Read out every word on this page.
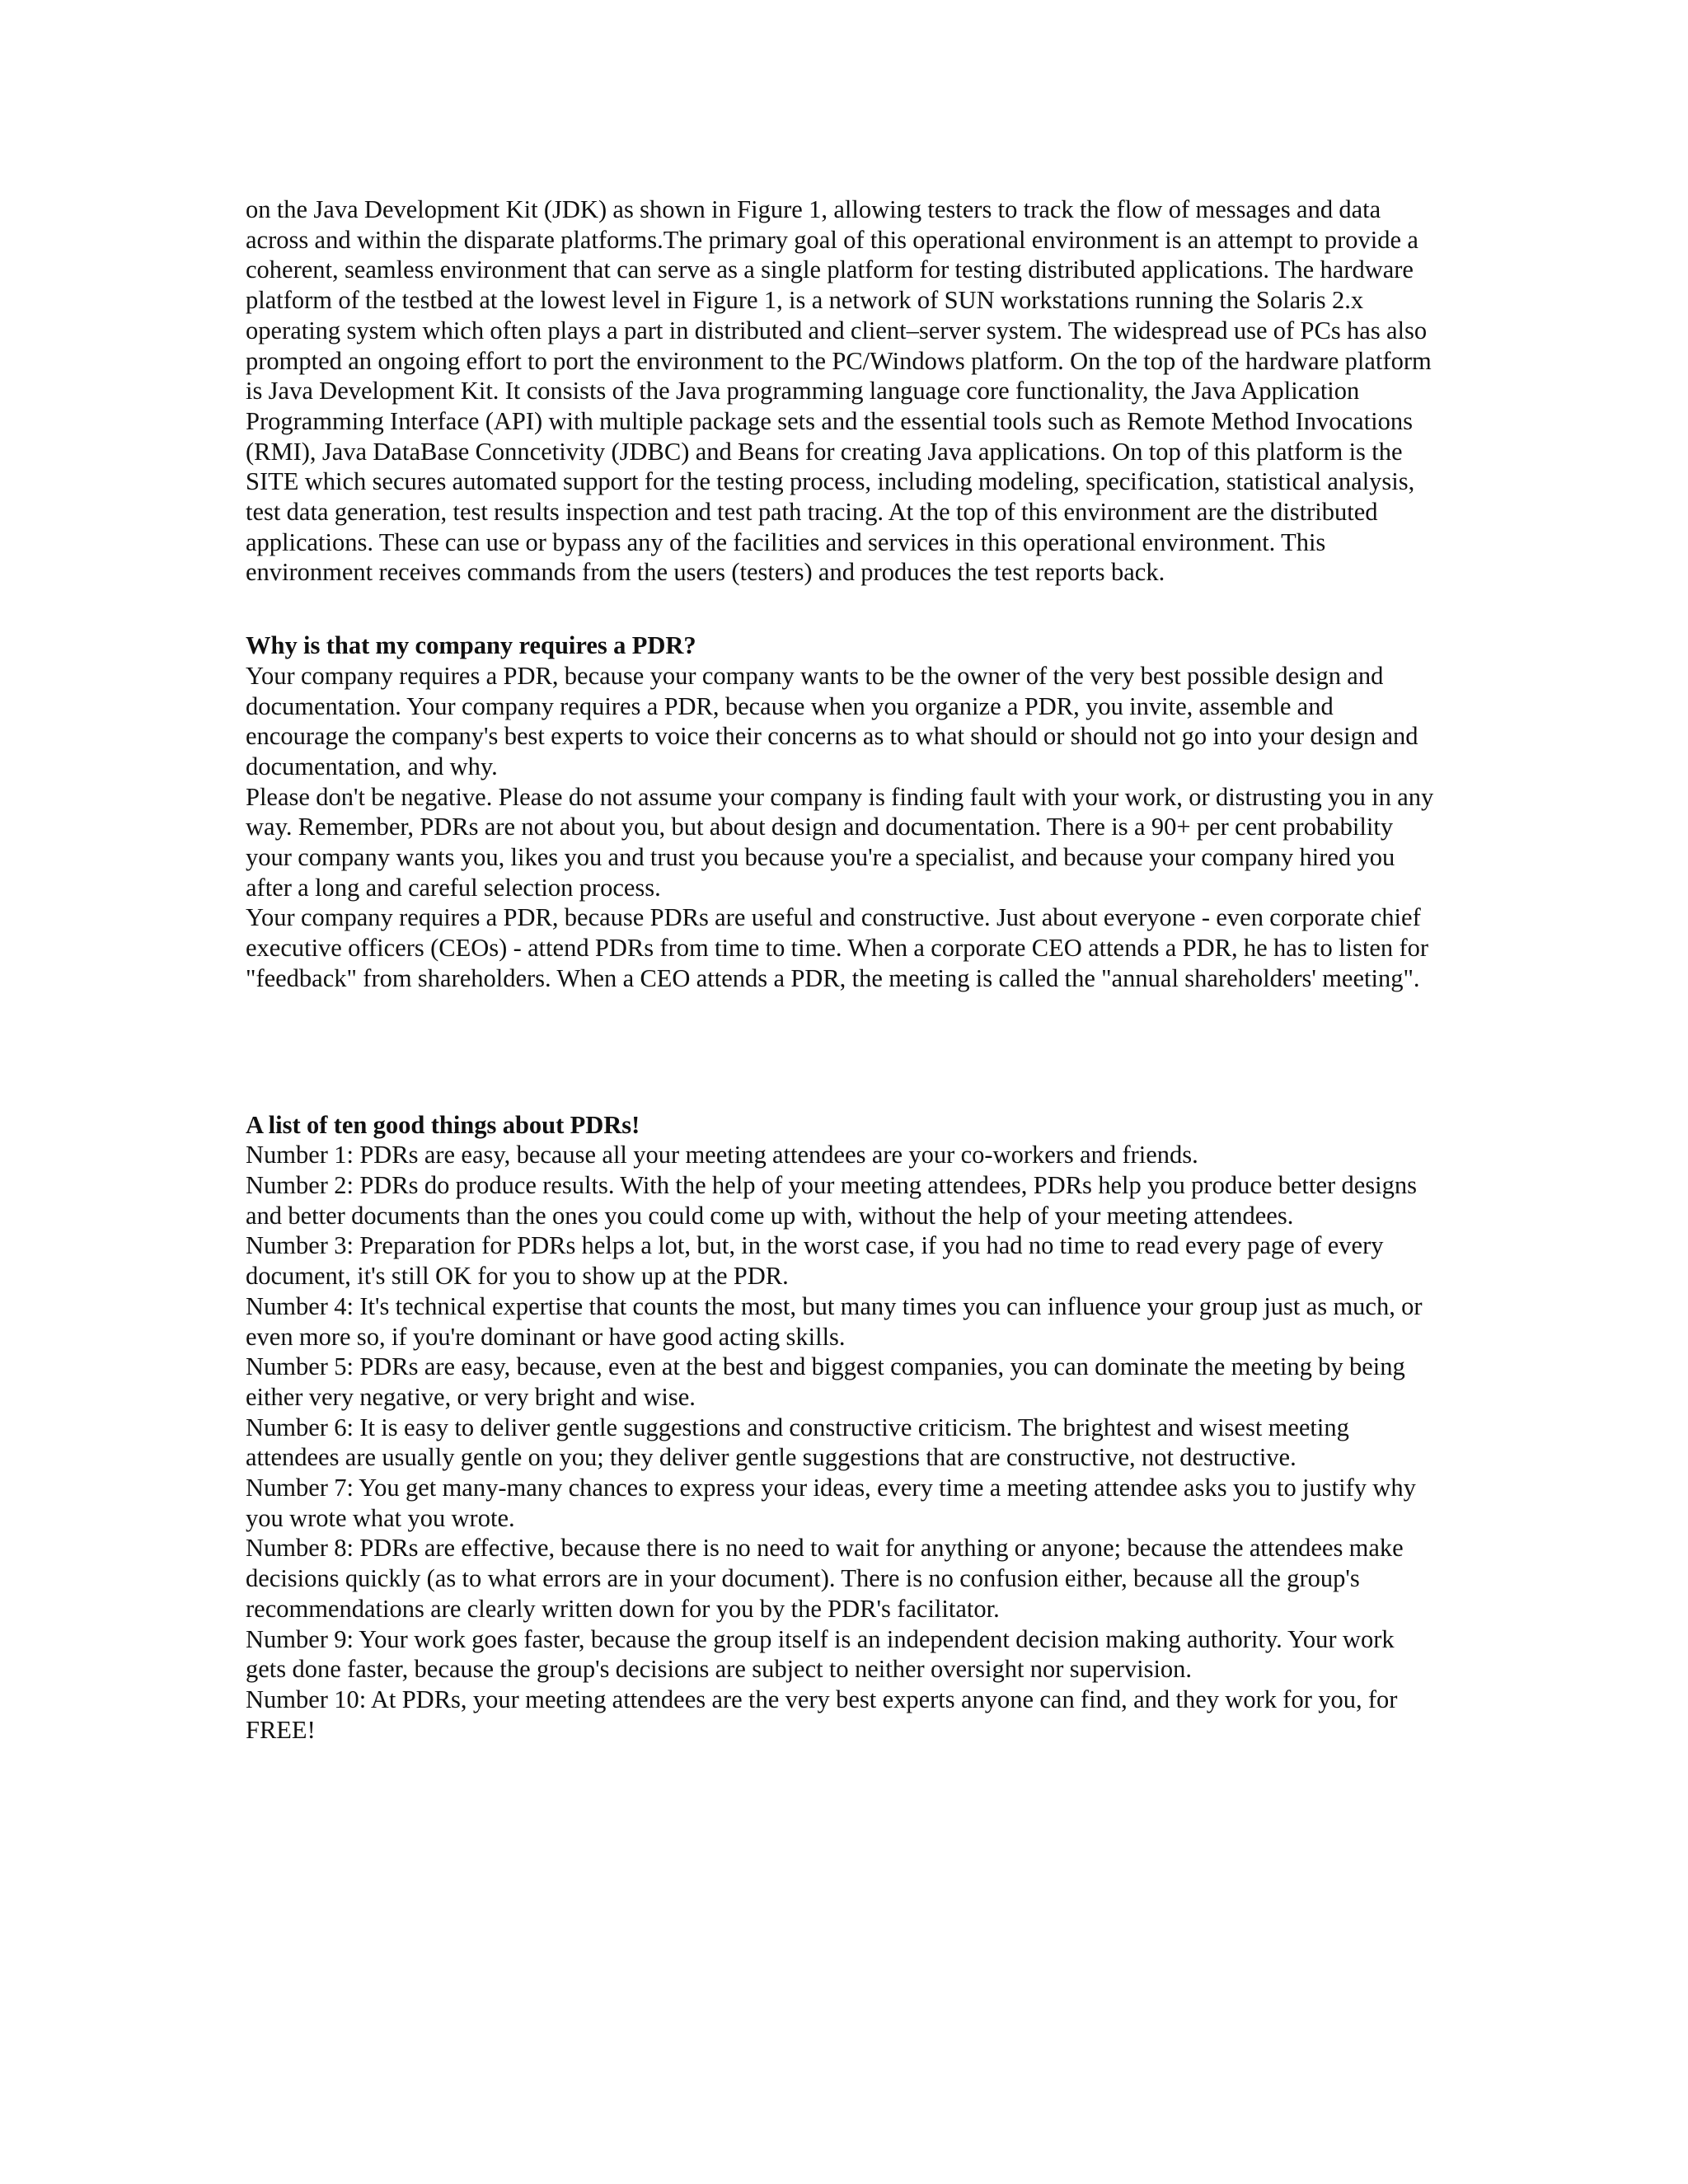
on the Java Development Kit (JDK) as shown in Figure 1, allowing testers to track the flow of messages and data across and within the disparate platforms.The primary goal of this operational environment is an attempt to provide a coherent, seamless environment that can serve as a single platform for testing distributed applications. The hardware platform of the testbed at the lowest level in Figure 1, is a network of SUN workstations running the Solaris 2.x operating system which often plays a part in distributed and client–server system. The widespread use of PCs has also prompted an ongoing effort to port the environment to the PC/Windows platform. On the top of the hardware platform is Java Development Kit. It consists of the Java programming language core functionality, the Java Application Programming Interface (API) with multiple package sets and the essential tools such as Remote Method Invocations (RMI), Java DataBase Conncetivity (JDBC) and Beans for creating Java applications. On top of this platform is the SITE which secures automated support for the testing process, including modeling, specification, statistical analysis, test data generation, test results inspection and test path tracing. At the top of this environment are the distributed applications. These can use or bypass any of the facilities and services in this operational environment. This environment receives commands from the users (testers) and produces the test reports back.

Why is that my company requires a PDR?

Your company requires a PDR, because your company wants to be the owner of the very best possible design and documentation. Your company requires a PDR, because when you organize a PDR, you invite, assemble and encourage the company's best experts to voice their concerns as to what should or should not go into your design and documentation, and why.

Please don't be negative. Please do not assume your company is finding fault with your work, or distrusting you in any way. Remember, PDRs are not about you, but about design and documentation. There is a 90+ per cent probability your company wants you, likes you and trust you because you're a specialist, and because your company hired you after a long and careful selection process.

Your company requires a PDR, because PDRs are useful and constructive. Just about everyone - even corporate chief executive officers (CEOs) - attend PDRs from time to time. When a corporate CEO attends a PDR, he has to listen for "feedback" from shareholders. When a CEO attends a PDR, the meeting is called the "annual shareholders' meeting".

A list of ten good things about PDRs!

Number 1: PDRs are easy, because all your meeting attendees are your co-workers and friends.

Number 2: PDRs do produce results. With the help of your meeting attendees, PDRs help you produce better designs and better documents than the ones you could come up with, without the help of your meeting attendees.

Number 3: Preparation for PDRs helps a lot, but, in the worst case, if you had no time to read every page of every document, it's still OK for you to show up at the PDR.

Number 4: It's technical expertise that counts the most, but many times you can influence your group just as much, or even more so, if you're dominant or have good acting skills.

Number 5: PDRs are easy, because, even at the best and biggest companies, you can dominate the meeting by being either very negative, or very bright and wise.

Number 6: It is easy to deliver gentle suggestions and constructive criticism. The brightest and wisest meeting attendees are usually gentle on you; they deliver gentle suggestions that are constructive, not destructive.

Number 7: You get many-many chances to express your ideas, every time a meeting attendee asks you to justify why you wrote what you wrote.

Number 8: PDRs are effective, because there is no need to wait for anything or anyone; because the attendees make decisions quickly (as to what errors are in your document). There is no confusion either, because all the group's recommendations are clearly written down for you by the PDR's facilitator.

Number 9: Your work goes faster, because the group itself is an independent decision making authority. Your work gets done faster, because the group's decisions are subject to neither oversight nor supervision.

Number 10: At PDRs, your meeting attendees are the very best experts anyone can find, and they work for you, for FREE!
